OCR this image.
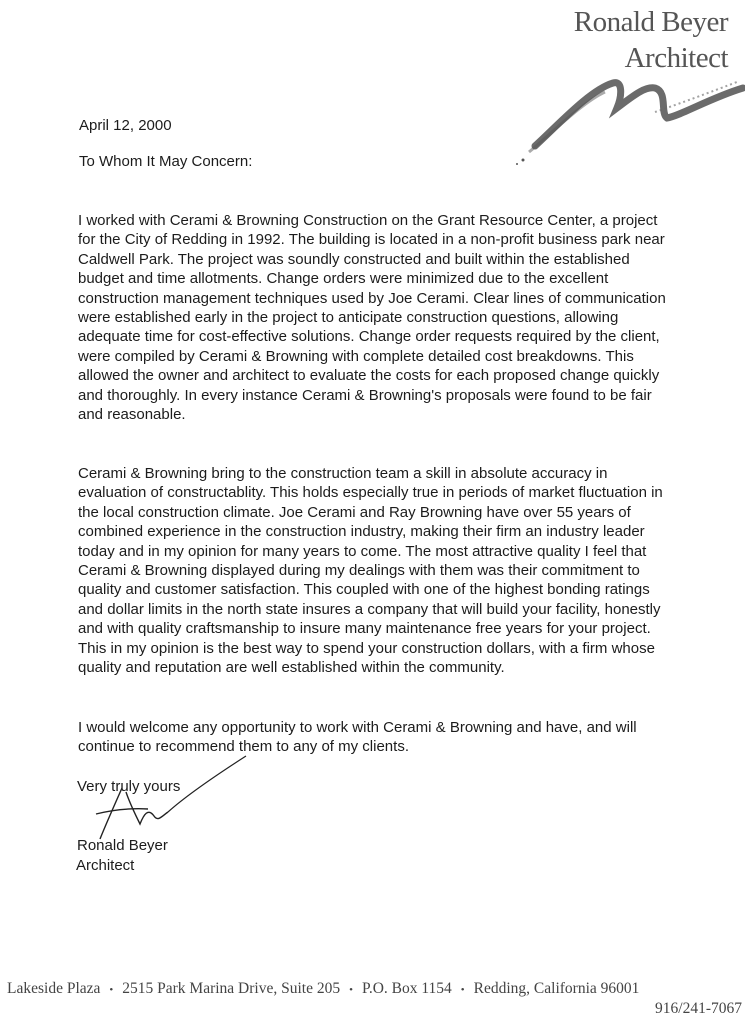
Ronald Beyer
Architect
April 12, 2000
To Whom It May Concern:
I worked with Cerami & Browning Construction on the Grant Resource Center, a project for the City of Redding in 1992. The building is located in a non-profit business park near Caldwell Park. The project was soundly constructed and built within the established budget and time allotments. Change orders were minimized due to the excellent construction management techniques used by Joe Cerami. Clear lines of communication were established early in the project to anticipate construction questions, allowing adequate time for cost-effective solutions. Change order requests required by the client, were compiled by Cerami & Browning with complete detailed cost breakdowns. This allowed the owner and architect to evaluate the costs for each proposed change quickly and thoroughly. In every instance Cerami & Browning's proposals were found to be fair and reasonable.
Cerami & Browning bring to the construction team a skill in absolute accuracy in evaluation of constructablity. This holds especially true in periods of market fluctuation in the local construction climate. Joe Cerami and Ray Browning have over 55 years of combined experience in the construction industry, making their firm an industry leader today and in my opinion for many years to come. The most attractive quality I feel that Cerami & Browning displayed during my dealings with them was their commitment to quality and customer satisfaction. This coupled with one of the highest bonding ratings and dollar limits in the north state insures a company that will build your facility, honestly and with quality craftsmanship to insure many maintenance free years for your project. This in my opinion is the best way to spend your construction dollars, with a firm whose quality and reputation are well established within the community.
I would welcome any opportunity to work with Cerami & Browning and have, and will continue to recommend them to any of my clients.
Very truly yours
Ronald Beyer
Architect
Lakeside Plaza • 2515 Park Marina Drive, Suite 205 • P.O. Box 1154 • Redding, California 96001
916/241-7067
